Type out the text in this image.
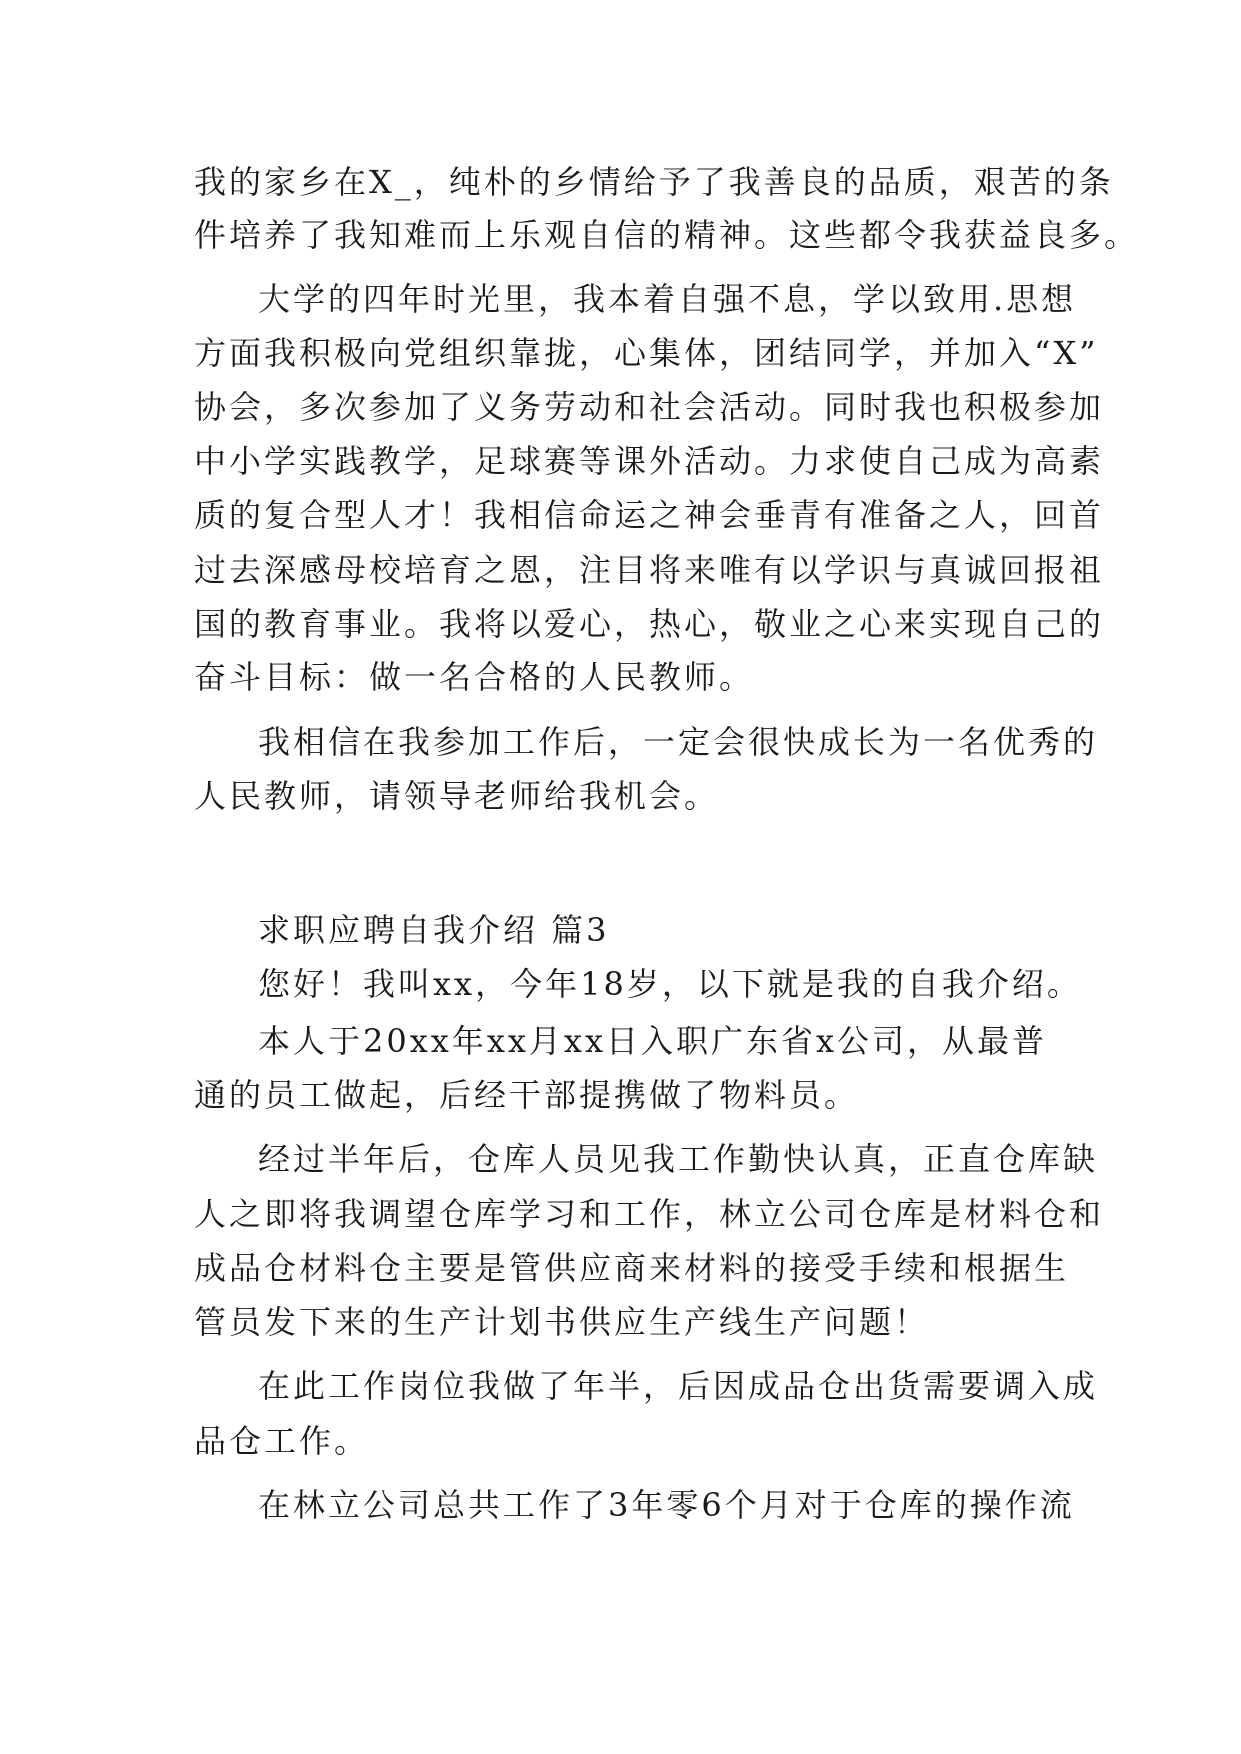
我的家乡在X_，纯朴的乡情给予了我善良的品质，艰苦的条
件培养了我知难而上乐观自信的精神。这些都令我获益良多。
大学的四年时光里，我本着自强不息，学以致用.思想
方面我积极向党组织靠拢，心集体，团结同学，并加入“X”
协会，多次参加了义务劳动和社会活动。同时我也积极参加
中小学实践教学，足球赛等课外活动。力求使自己成为高素
质的复合型人才！我相信命运之神会垂青有准备之人，回首
过去深感母校培育之恩，注目将来唯有以学识与真诚回报祖
国的教育事业。我将以爱心，热心，敬业之心来实现自己的
奋斗目标：做一名合格的人民教师。
我相信在我参加工作后，一定会很快成长为一名优秀的
人民教师，请领导老师给我机会。
求职应聘自我介绍 篇3
您好！我叫xx，今年18岁，以下就是我的自我介绍。
本人于20xx年xx月xx日入职广东省x公司，从最普
通的员工做起，后经干部提携做了物料员。
经过半年后，仓库人员见我工作勤快认真，正直仓库缺
人之即将我调望仓库学习和工作，林立公司仓库是材料仓和
成品仓材料仓主要是管供应商来材料的接受手续和根据生
管员发下来的生产计划书供应生产线生产问题！
在此工作岗位我做了年半，后因成品仓出货需要调入成
品仓工作。
在林立公司总共工作了3年零6个月对于仓库的操作流
